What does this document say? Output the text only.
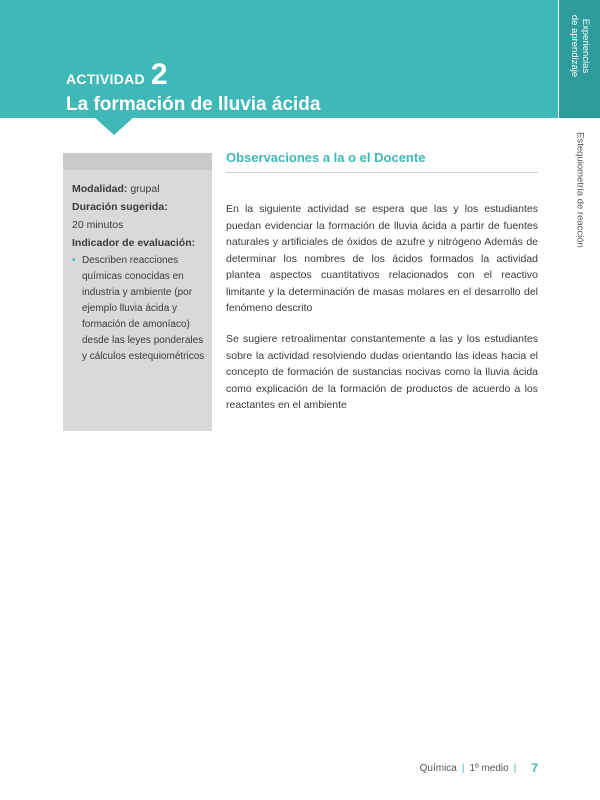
ACTIVIDAD 2
La formación de lluvia ácida
Experiencias
de aprendizaje
Estequiometría de reacción
Modalidad: grupal
Duración sugerida:
20 minutos
Indicador de evaluación:
• Describen reacciones químicas conocidas en industria y ambiente (por ejemplo lluvia ácida y formación de amoníaco) desde las leyes ponderales y cálculos estequiométricos
Observaciones a la o el Docente

En la siguiente actividad se espera que las y los estudiantes puedan evidenciar la formación de lluvia ácida a partir de fuentes naturales y artificiales de óxidos de azufre y nitrógeno Además de determinar los nombres de los ácidos formados la actividad plantea aspectos cuantitativos relacionados con el reactivo limitante y la determinación de masas molares en el desarrollo del fenómeno descrito

Se sugiere retroalimentar constantemente a las y los estudiantes sobre la actividad resolviendo dudas orientando las ideas hacia el concepto de formación de sustancias nocivas como la lluvia ácida como explicación de la formación de productos de acuerdo a los reactantes en el ambiente

Química | 1º medio | 7
